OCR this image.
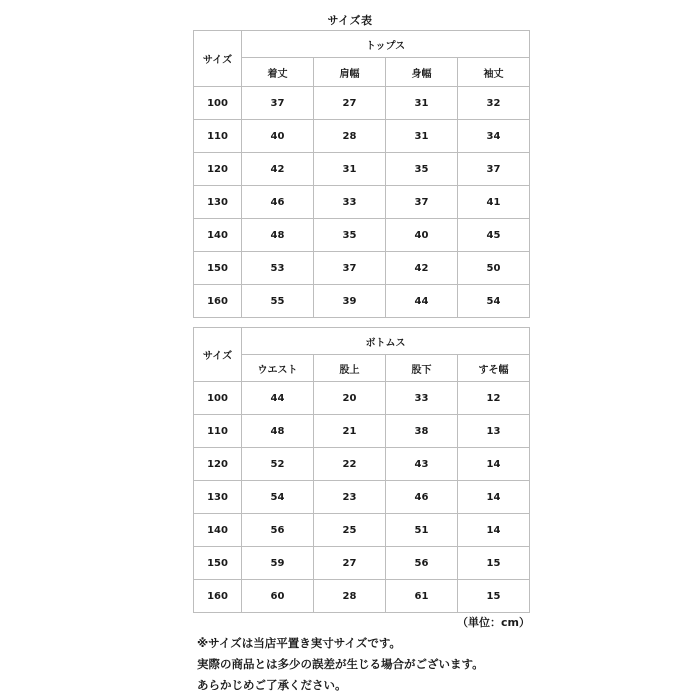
サイズ表
サイズ	トップス			
	着丈	肩幅	身幅	袖丈
100	37	27	31	32
110	40	28	31	34
120	42	31	35	37
130	46	33	37	41
140	48	35	40	45
150	53	37	42	50
160	55	39	44	54
サイズ	ボトムス			
	ウエスト	股上	股下	すそ幅
100	44	20	33	12
110	48	21	38	13
120	52	22	43	14
130	54	23	46	14
140	56	25	51	14
150	59	27	56	15
160	60	28	61	15
（単位：cm）
※サイズは当店平置き実寸サイズです。
実際の商品とは多少の誤差が生じる場合がございます。
あらかじめご了承ください。
